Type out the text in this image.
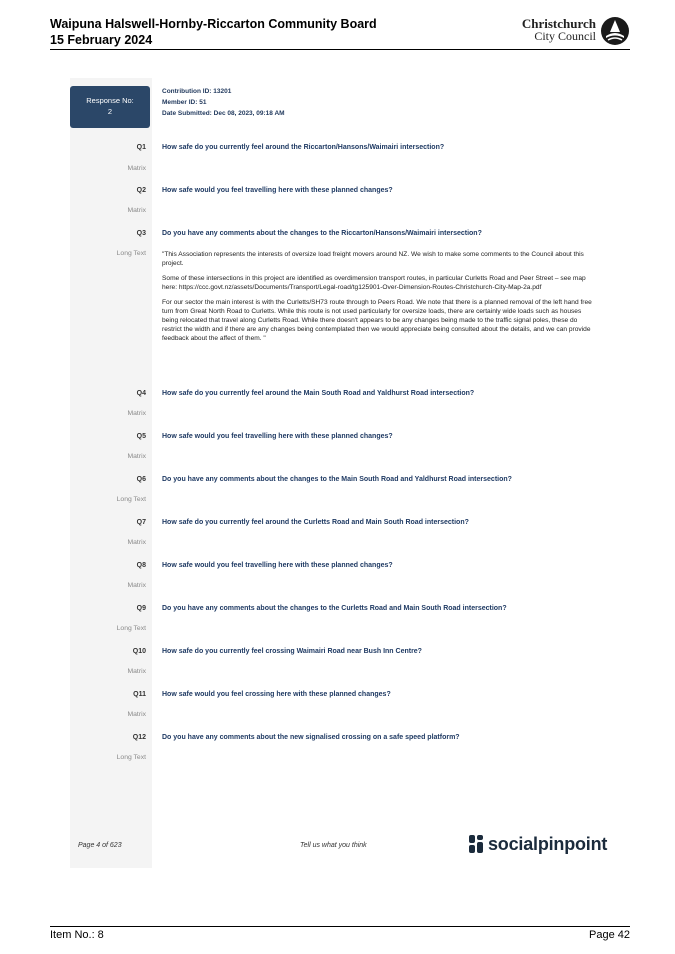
Waipuna Halswell-Hornby-Riccarton Community Board
15 February 2024
Christchurch
City Council
Response No:
2
Contribution ID: 13201
Member ID: 51
Date Submitted: Dec 08, 2023, 09:18 AM
Q1 How safe do you currently feel around the Riccarton/Hansons/Waimairi intersection?
Matrix
Q2 How safe would you feel travelling here with these planned changes?
Matrix
Q3 Do you have any comments about the changes to the Riccarton/Hansons/Waimairi intersection?
Long Text "This Association represents the interests of oversize load freight movers around NZ. We wish to make some comments to the Council about this project.

Some of these intersections in this project are identified as overdimension transport routes, in particular Curletts Road and Peer Street – see map here: https://ccc.govt.nz/assets/Documents/Transport/Legal-road/tg125901-Over-Dimension-Routes-Christchurch-City-Map-2a.pdf

For our sector the main interest is with the Curletts/SH73 route through to Peers Road. We note that there is a planned removal of the left hand free turn from Great North Road to Curletts. While this route is not used particularly for oversize loads, there are certainly wide loads such as houses being relocated that travel along Curletts Road. While there doesn't appears to be any changes being made to the traffic signal poles, these do restrict the width and if there are any changes being contemplated then we would appreciate being consulted about the details, and we can provide feedback about the affect of them. "

Q4 How safe do you currently feel around the Main South Road and Yaldhurst Road intersection?
Matrix
Q5 How safe would you feel travelling here with these planned changes?
Matrix
Q6 Do you have any comments about the changes to the Main South Road and Yaldhurst Road intersection?
Long Text
Q7 How safe do you currently feel around the Curletts Road and Main South Road intersection?
Matrix
Q8 How safe would you feel travelling here with these planned changes?
Matrix
Q9 Do you have any comments about the changes to the Curletts Road and Main South Road intersection?
Long Text
Q10 How safe do you currently feel crossing Waimairi Road near Bush Inn Centre?
Matrix
Q11 How safe would you feel crossing here with these planned changes?
Matrix
Q12 Do you have any comments about the new signalised crossing on a safe speed platform?
Long Text
Page 4 of 623	Tell us what you think	socialpinpoint
Item No.: 8	Page 42
